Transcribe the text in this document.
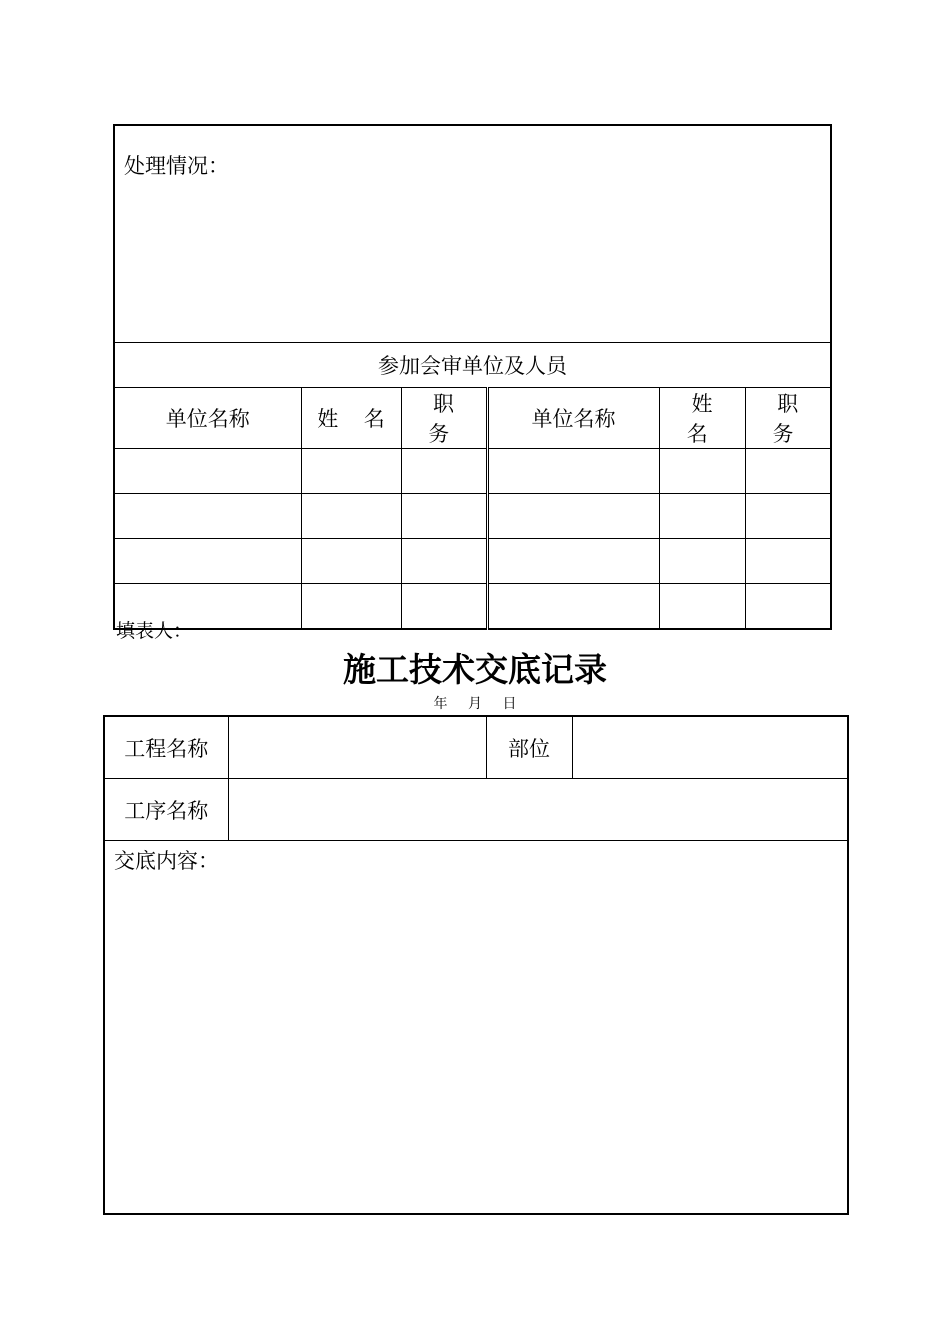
处理情况：					
参加会审单位及人员					
单位名称	姓 名	职 务	单位名称	姓 名	职 务

填表人：
施工技术交底记录
年 月 日
工程名称		部位	
工序名称			
交底内容：			
